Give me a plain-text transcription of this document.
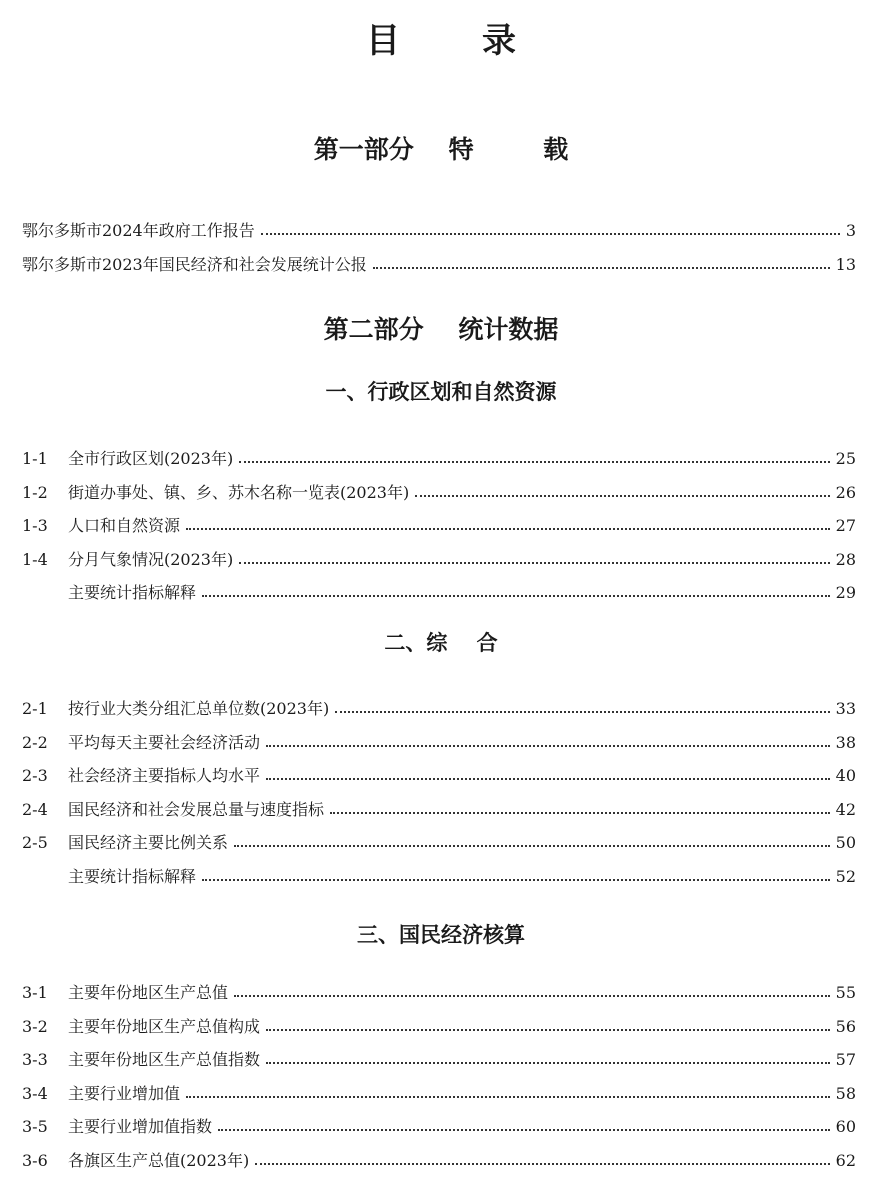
目录
第一部分    特        载
鄂尔多斯市2024年政府工作报告	3
鄂尔多斯市2023年国民经济和社会发展统计公报	13
第二部分    统计数据
一、行政区划和自然资源
1-1	全市行政区划(2023年)	25
1-2	街道办事处、镇、乡、苏木名称一览表(2023年)	26
1-3	人口和自然资源	27
1-4	分月气象情况(2023年)	28
主要统计指标解释	29
二、综    合
2-1	按行业大类分组汇总单位数(2023年)	33
2-2	平均每天主要社会经济活动	38
2-3	社会经济主要指标人均水平	40
2-4	国民经济和社会发展总量与速度指标	42
2-5	国民经济主要比例关系	50
主要统计指标解释	52
三、国民经济核算
3-1	主要年份地区生产总值	55
3-2	主要年份地区生产总值构成	56
3-3	主要年份地区生产总值指数	57
3-4	主要行业增加值	58
3-5	主要行业增加值指数	60
3-6	各旗区生产总值(2023年)	62
